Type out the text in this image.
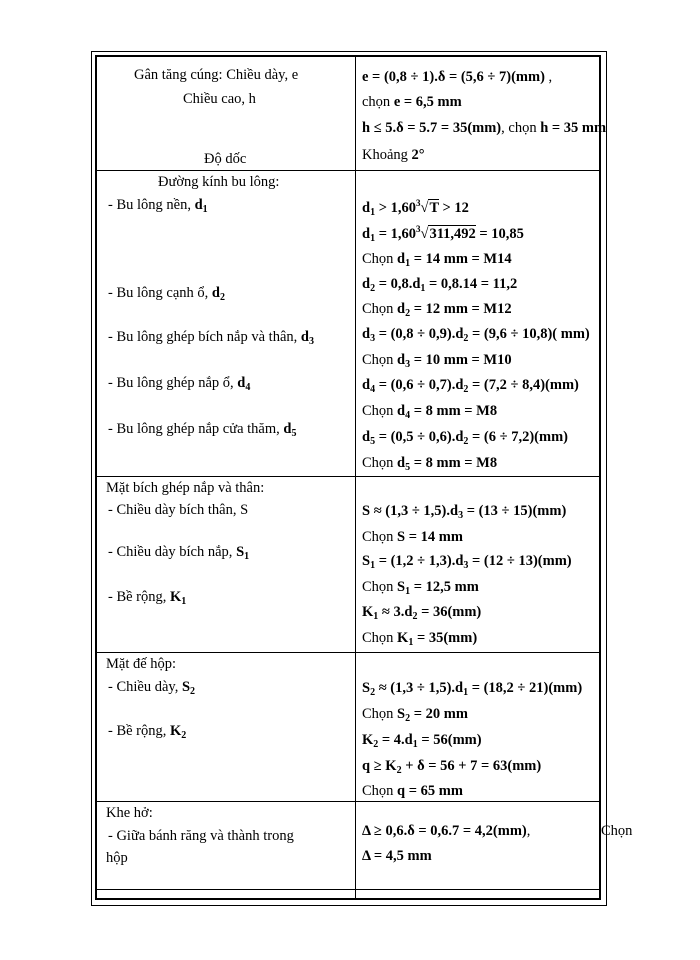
Gân tăng cúng: Chiều dày, e
Chiều cao, h
Độ dốc
e = (0,8 ÷ 1).δ = (5,6 ÷ 7)(mm) ,
chọn e = 6,5 mm
h ≤ 5.δ = 5.7 = 35(mm), chọn h = 35 mm
Khoảng 2°
Đường kính bu lông:
- Bu lông nền, $d_1$
- Bu lông cạnh ổ, $d_2$
- Bu lông ghép bích nắp và thân, $d_3$
- Bu lông ghép nắp ổ, $d_4$
- Bu lông ghép nắp cửa thăm, $d_5$
$d_1 > 1,60^3√T > 12$
$d_1 = 1,60^3√311,492 = 10,85$
Chọn $d_1 = 14$ mm = M14
$d_2 = 0,8.d_1 = 0,8.14 = 11,2$
Chọn $d_2 = 12$ mm = M12
$d_3 = (0,8 \div 0,9).d_2 = (9,6 \div 10,8)$( mm)
Chọn $d_3 = 10$ mm = M10
$d_4 = (0,6 \div 0,7).d_2 = (7,2 \div 8,4)(mm)$
Chọn $d_4 = 8$ mm = M8
$d_5 = (0,5 \div 0,6).d_2 = (6 \div 7,2)(mm)$
Chọn $d_5 = 8$ mm = M8
Mặt bích ghép nắp và thân:
- Chiều dày bích thân, S
- Chiều dày bích nắp, $S_1$
- Bề rộng, $K_1$
$S \approx (1,3 \div 1,5).d_3 = (13 \div 15)(mm)$
Chọn S = 14 mm
$S_1 = (1,2 \div 1,3).d_3 = (12 \div 13)(mm)$
Chọn $S_1 = 12,5$ mm
$K_1 \approx 3.d_2 = 36(mm)$
Chọn $K_1 = 35(mm)$
Mặt đế hộp:
- Chiều dày, $S_2$
- Bề rộng, $K_2$
$S_2 \approx (1,3 \div 1,5).d_1 = (18,2 \div 21)(mm)$
Chọn $S_2 = 20$ mm
$K_2 = 4.d_1 = 56(mm)$
$q \ge K_2 + \delta = 56 + 7 = 63(mm)$
Chọn q = 65 mm
Khe hở:
- Giữa bánh răng và thành trong
hộp
Δ ≥ 0,6.δ = 0,6.7 = 4,2(mm),	Chọn
Δ = 4,5 mm
